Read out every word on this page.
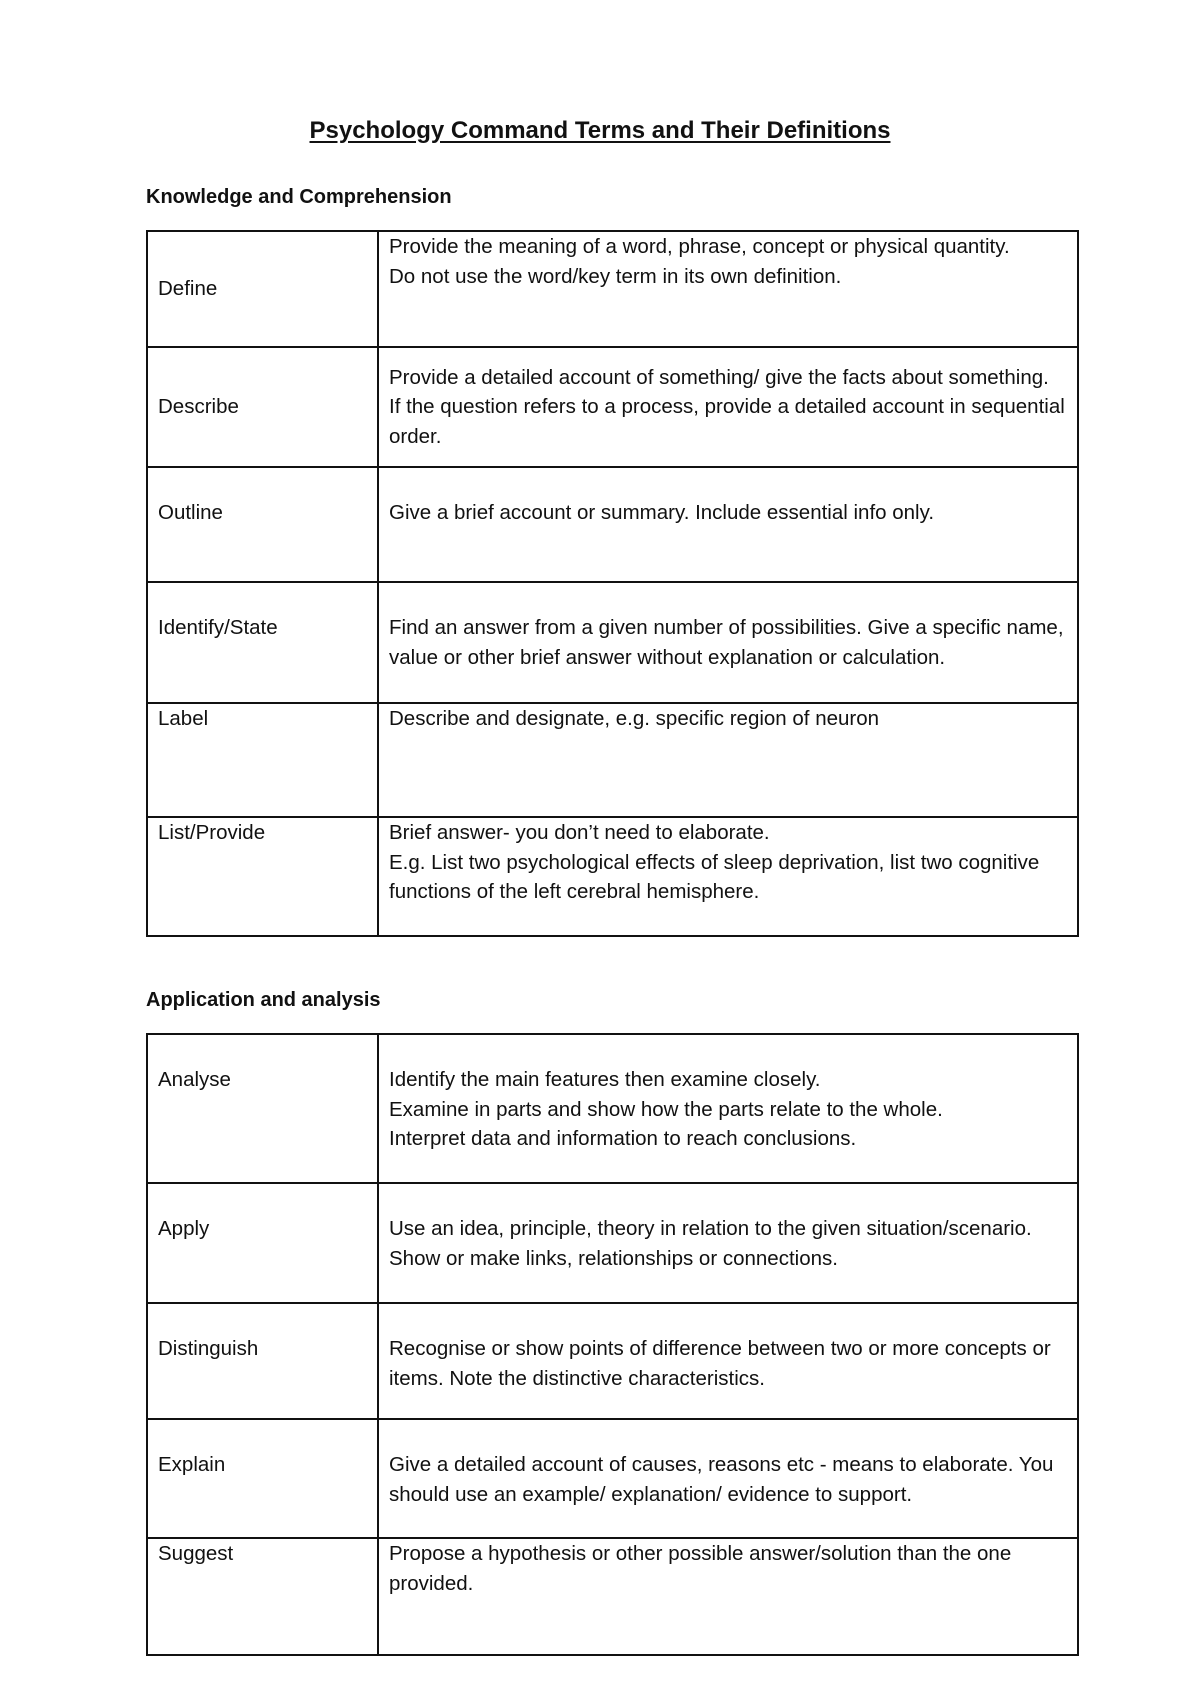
Psychology Command Terms and Their Definitions
Knowledge and Comprehension
Define	Provide the meaning of a word, phrase, concept or physical quantity.
Do not use the word/key term in its own definition.
Describe	Provide a detailed account of something/ give the facts about something.
If the question refers to a process, provide a detailed account in sequential order.
Outline	Give a brief account or summary. Include essential info only.
Identify/State	Find an answer from a given number of possibilities. Give a specific name, value or other brief answer without explanation or calculation.
Label	Describe and designate, e.g. specific region of neuron
List/Provide	Brief answer- you don’t need to elaborate.
E.g. List two psychological effects of sleep deprivation, list two cognitive functions of the left cerebral hemisphere.
Application and analysis
Analyse	Identify the main features then examine closely.
Examine in parts and show how the parts relate to the whole.
Interpret data and information to reach conclusions.
Apply	Use an idea, principle, theory in relation to the given situation/scenario. Show or make links, relationships or connections.
Distinguish	Recognise or show points of difference between two or more concepts or items. Note the distinctive characteristics.
Explain	Give a detailed account of causes, reasons etc - means to elaborate. You should use an example/ explanation/ evidence to support.
Suggest	Propose a hypothesis or other possible answer/solution than the one provided.
